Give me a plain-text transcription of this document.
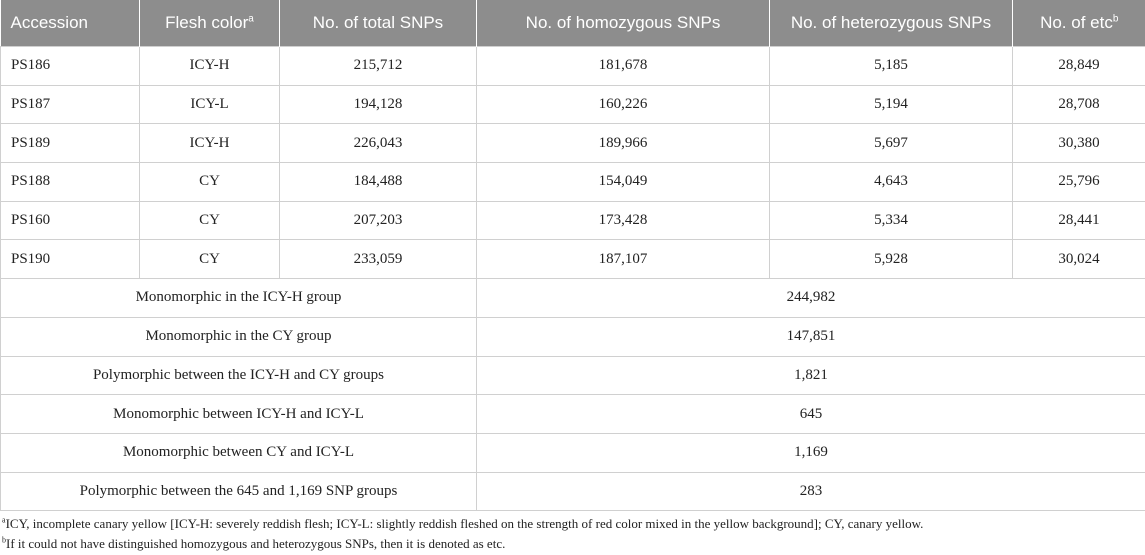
Accession	Flesh color$^a$	No. of total SNPs	No. of homozygous SNPs	No. of heterozygous SNPs	No. of etc$^b$
PS186	ICY-H	215,712	181,678	5,185	28,849
PS187	ICY-L	194,128	160,226	5,194	28,708
PS189	ICY-H	226,043	189,966	5,697	30,380
PS188	CY	184,488	154,049	4,643	25,796
PS160	CY	207,203	173,428	5,334	28,441
PS190	CY	233,059	187,107	5,928	30,024
Monomorphic in the ICY-H group			244,982		
Monomorphic in the CY group			147,851		
Polymorphic between the ICY-H and CY groups			1,821		
Monomorphic between ICY-H and ICY-L			645		
Monomorphic between CY and ICY-L			1,169		
Polymorphic between the 645 and 1,169 SNP groups			283		

$^a$ICY, incomplete canary yellow [ICY-H: severely reddish flesh; ICY-L: slightly reddish fleshed on the strength of red color mixed in the yellow background]; CY, canary yellow.

$^b$If it could not have distinguished homozygous and heterozygous SNPs, then it is denoted as etc.
